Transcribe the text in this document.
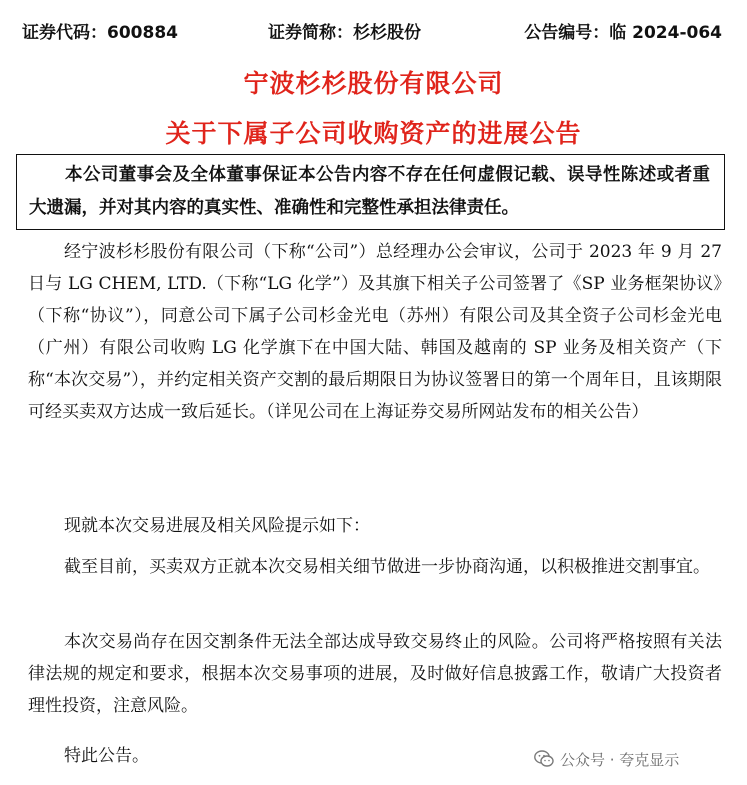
证券代码：600884	证券简称：杉杉股份	公告编号：临 2024-064
宁波杉杉股份有限公司
关于下属子公司收购资产的进展公告
本公司董事会及全体董事保证本公告内容不存在任何虚假记载、误导性陈述或者重大遗漏，并对其内容的真实性、准确性和完整性承担法律责任。
经宁波杉杉股份有限公司（下称“公司”）总经理办公会审议，公司于 2023 年 9 月 27 日与 LG CHEM, LTD.（下称“LG 化学”）及其旗下相关子公司签署了《SP 业务框架协议》（下称“协议”），同意公司下属子公司杉金光电（苏州）有限公司及其全资子公司杉金光电（广州）有限公司收购 LG 化学旗下在中国大陆、韩国及越南的 SP 业务及相关资产（下称“本次交易”），并约定相关资产交割的最后期限日为协议签署日的第一个周年日，且该期限可经买卖双方达成一致后延长。（详见公司在上海证券交易所网站发布的相关公告）
现就本次交易进展及相关风险提示如下：
截至目前，买卖双方正就本次交易相关细节做进一步协商沟通，以积极推进交割事宜。
本次交易尚存在因交割条件无法全部达成导致交易终止的风险。公司将严格按照有关法律法规的规定和要求，根据本次交易事项的进展，及时做好信息披露工作，敬请广大投资者理性投资，注意风险。
特此公告。	公众号 · 夸克显示
